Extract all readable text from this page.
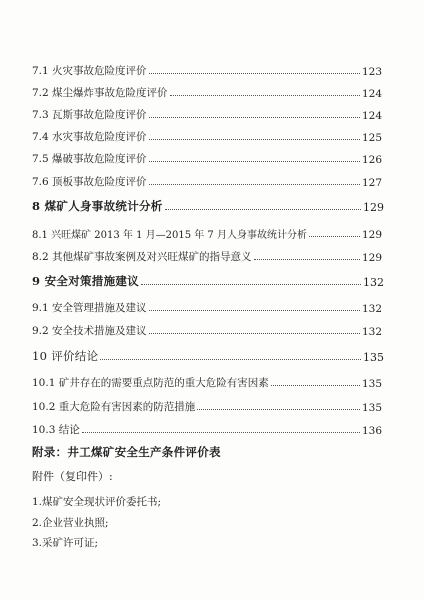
7.1 火灾事故危险度评价	123
7.2 煤尘爆炸事故危险度评价	124
7.3 瓦斯事故危险度评价	124
7.4 水灾事故危险度评价	125
7.5 爆破事故危险度评价	126
7.6 顶板事故危险度评价	127
8 煤矿人身事故统计分析	129
8.1 兴旺煤矿 2013 年 1 月—2015 年 7 月人身事故统计分析	129
8.2 其他煤矿事故案例及对兴旺煤矿的指导意义	129
9 安全对策措施建议	132
9.1 安全管理措施及建议	132
9.2 安全技术措施及建议	132
10 评价结论	135
10.1 矿井存在的需要重点防范的重大危险有害因素	135
10.2 重大危险有害因素的防范措施	135
10.3 结论	136
附录：井工煤矿安全生产条件评价表
附件（复印件）:
1.煤矿安全现状评价委托书;
2.企业营业执照;
3.采矿许可证;
